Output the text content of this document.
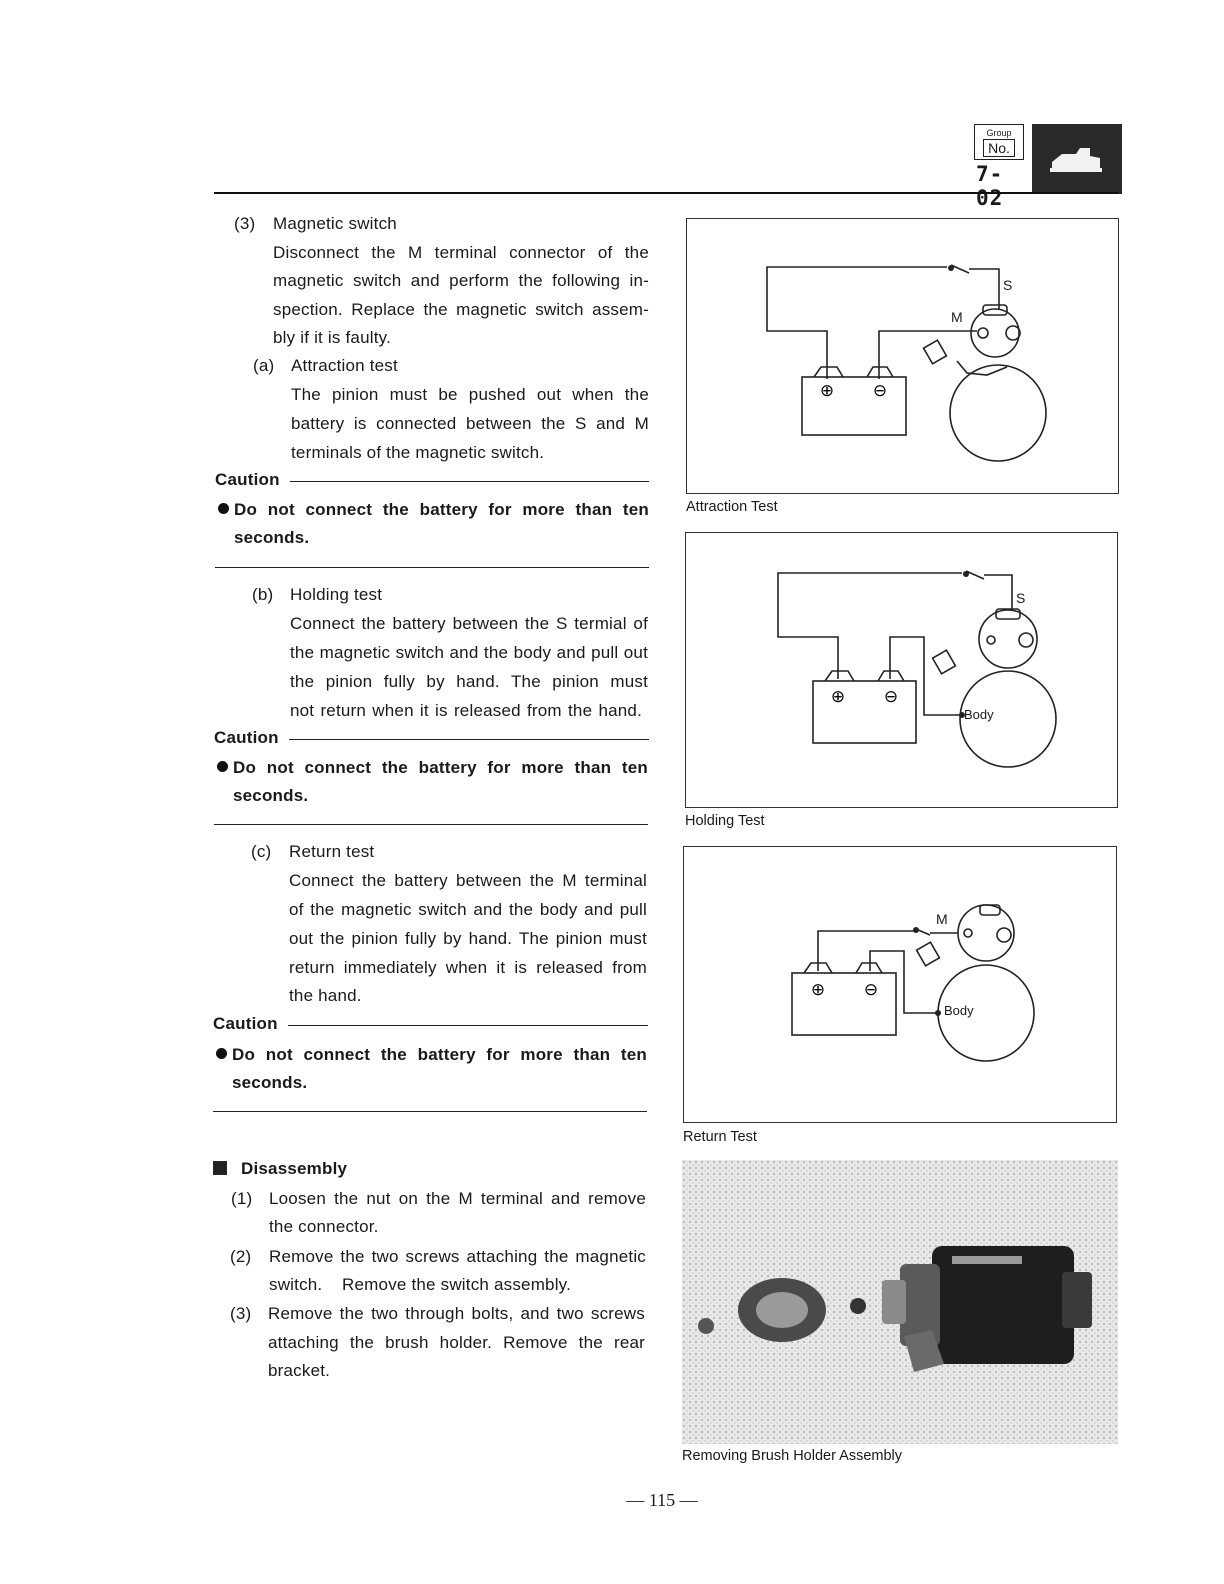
Group
No.
7-02
(3) Magnetic switch
Disconnect the M terminal connector of the
magnetic switch and perform the following in-
spection. Replace the magnetic switch assem-
bly if it is faulty.
(a) Attraction test
The pinion must be pushed out when the
battery is connected between the S and M
terminals of the magnetic switch.
Caution
Do not connect the battery for more than ten
seconds.
(b) Holding test
Connect the battery between the S termial of
the magnetic switch and the body and pull out
the pinion fully by hand. The pinion must
not return when it is released from the hand.
Caution
Do not connect the battery for more than ten
seconds.
(c) Return test
Connect the battery between the M terminal
of the magnetic switch and the body and pull
out the pinion fully by hand. The pinion must
return immediately when it is released from
the hand.
Caution
Do not connect the battery for more than ten
seconds.
Disassembly
(1) Loosen the nut on the M terminal and remove
the connector.
(2) Remove the two screws attaching the magnetic
switch.    Remove the switch assembly.
(3) Remove the two through bolts, and two screws
attaching the brush holder. Remove the rear
bracket.
⊕ ⊖
S
M
Attraction Test
⊕ ⊖
S
Body
Holding Test
⊕ ⊖
M
Body
Return Test
Removing Brush Holder Assembly
— 115 —
